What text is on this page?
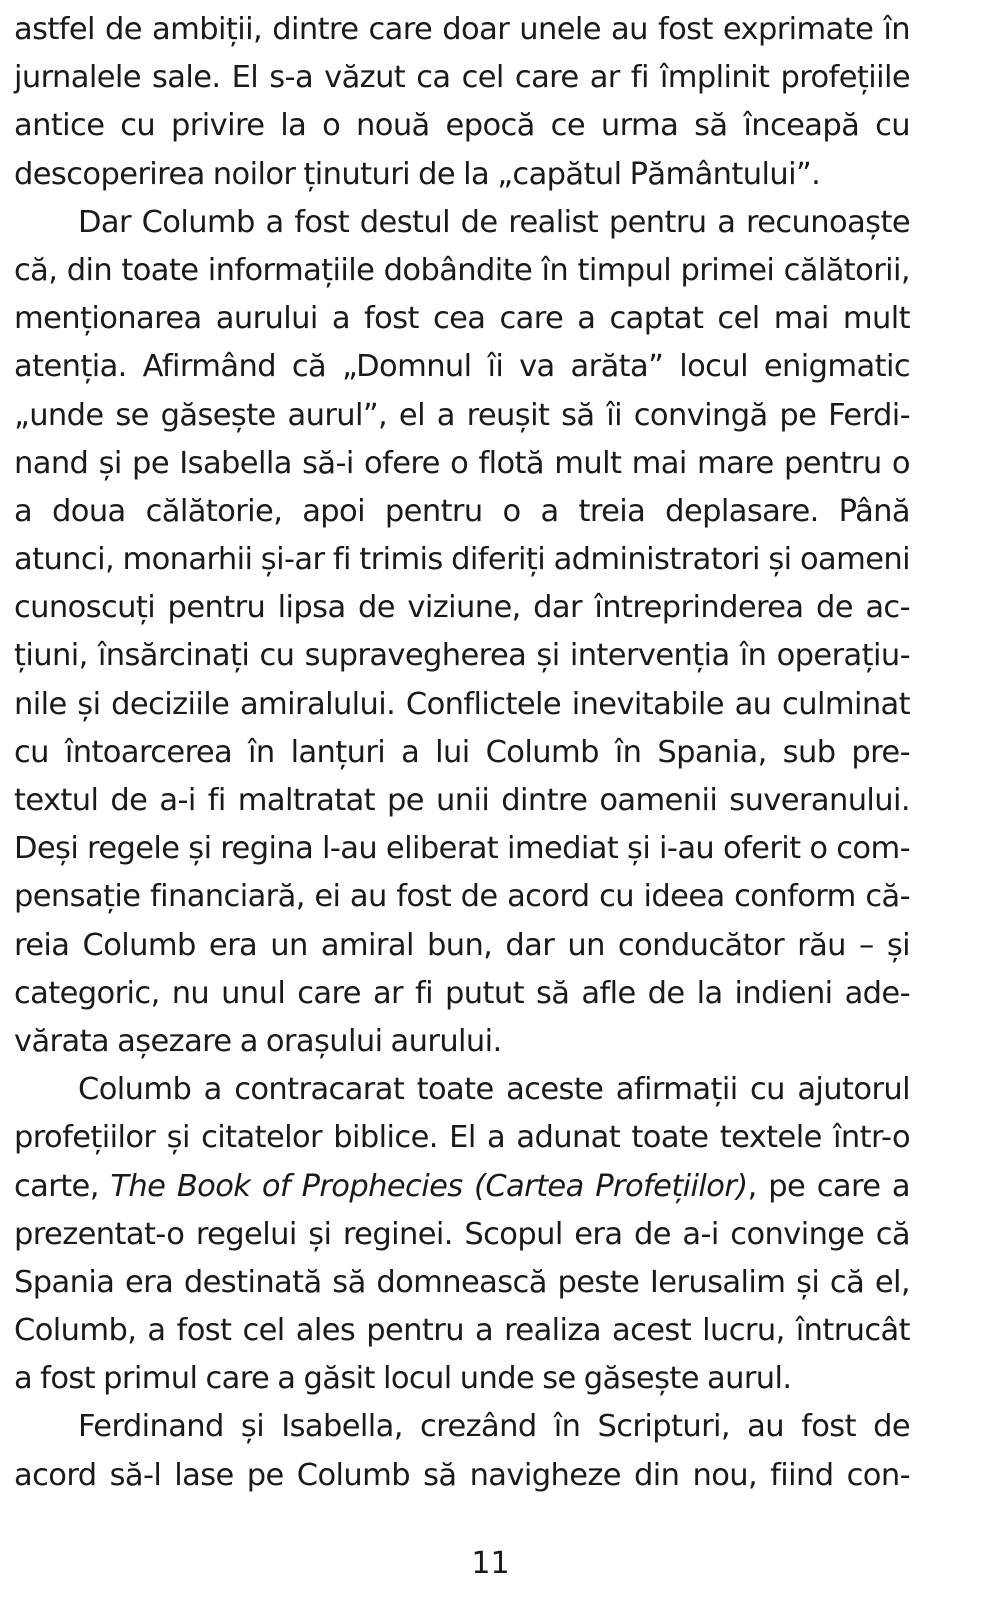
astfel de ambiții, dintre care doar unele au fost exprimate în
jurnalele sale. El s-a văzut ca cel care ar fi împlinit profețiile
antice cu privire la o nouă epocă ce urma să înceapă cu
descoperirea noilor ținuturi de la „capătul Pământului”.
Dar Columb a fost destul de realist pentru a recunoaște
că, din toate informațiile dobândite în timpul primei călătorii,
menționarea aurului a fost cea care a captat cel mai mult
atenția. Afirmând că „Domnul îi va arăta” locul enigmatic
„unde se găsește aurul”, el a reușit să îi convingă pe Ferdi-
nand și pe Isabella să-i ofere o flotă mult mai mare pentru o
a doua călătorie, apoi pentru o a treia deplasare. Până
atunci, monarhii și-ar fi trimis diferiți administratori și oameni
cunoscuți pentru lipsa de viziune, dar întreprinderea de ac-
țiuni, însărcinați cu supravegherea și intervenția în operațiu-
nile și deciziile amiralului. Conflictele inevitabile au culminat
cu întoarcerea în lanțuri a lui Columb în Spania, sub pre-
textul de a-i fi maltratat pe unii dintre oamenii suveranului.
Deși regele și regina l-au eliberat imediat și i-au oferit o com-
pensație financiară, ei au fost de acord cu ideea conform că-
reia Columb era un amiral bun, dar un conducător rău – și
categoric, nu unul care ar fi putut să afle de la indieni ade-
vărata așezare a orașului aurului.
Columb a contracarat toate aceste afirmații cu ajutorul
profețiilor și citatelor biblice. El a adunat toate textele într-o
carte, The Book of Prophecies (Cartea Profețiilor), pe care a
prezentat-o regelui și reginei. Scopul era de a-i convinge că
Spania era destinată să domnească peste Ierusalim și că el,
Columb, a fost cel ales pentru a realiza acest lucru, întrucât
a fost primul care a găsit locul unde se găsește aurul.
Ferdinand și Isabella, crezând în Scripturi, au fost de
acord să-l lase pe Columb să navigheze din nou, fiind con-
11
